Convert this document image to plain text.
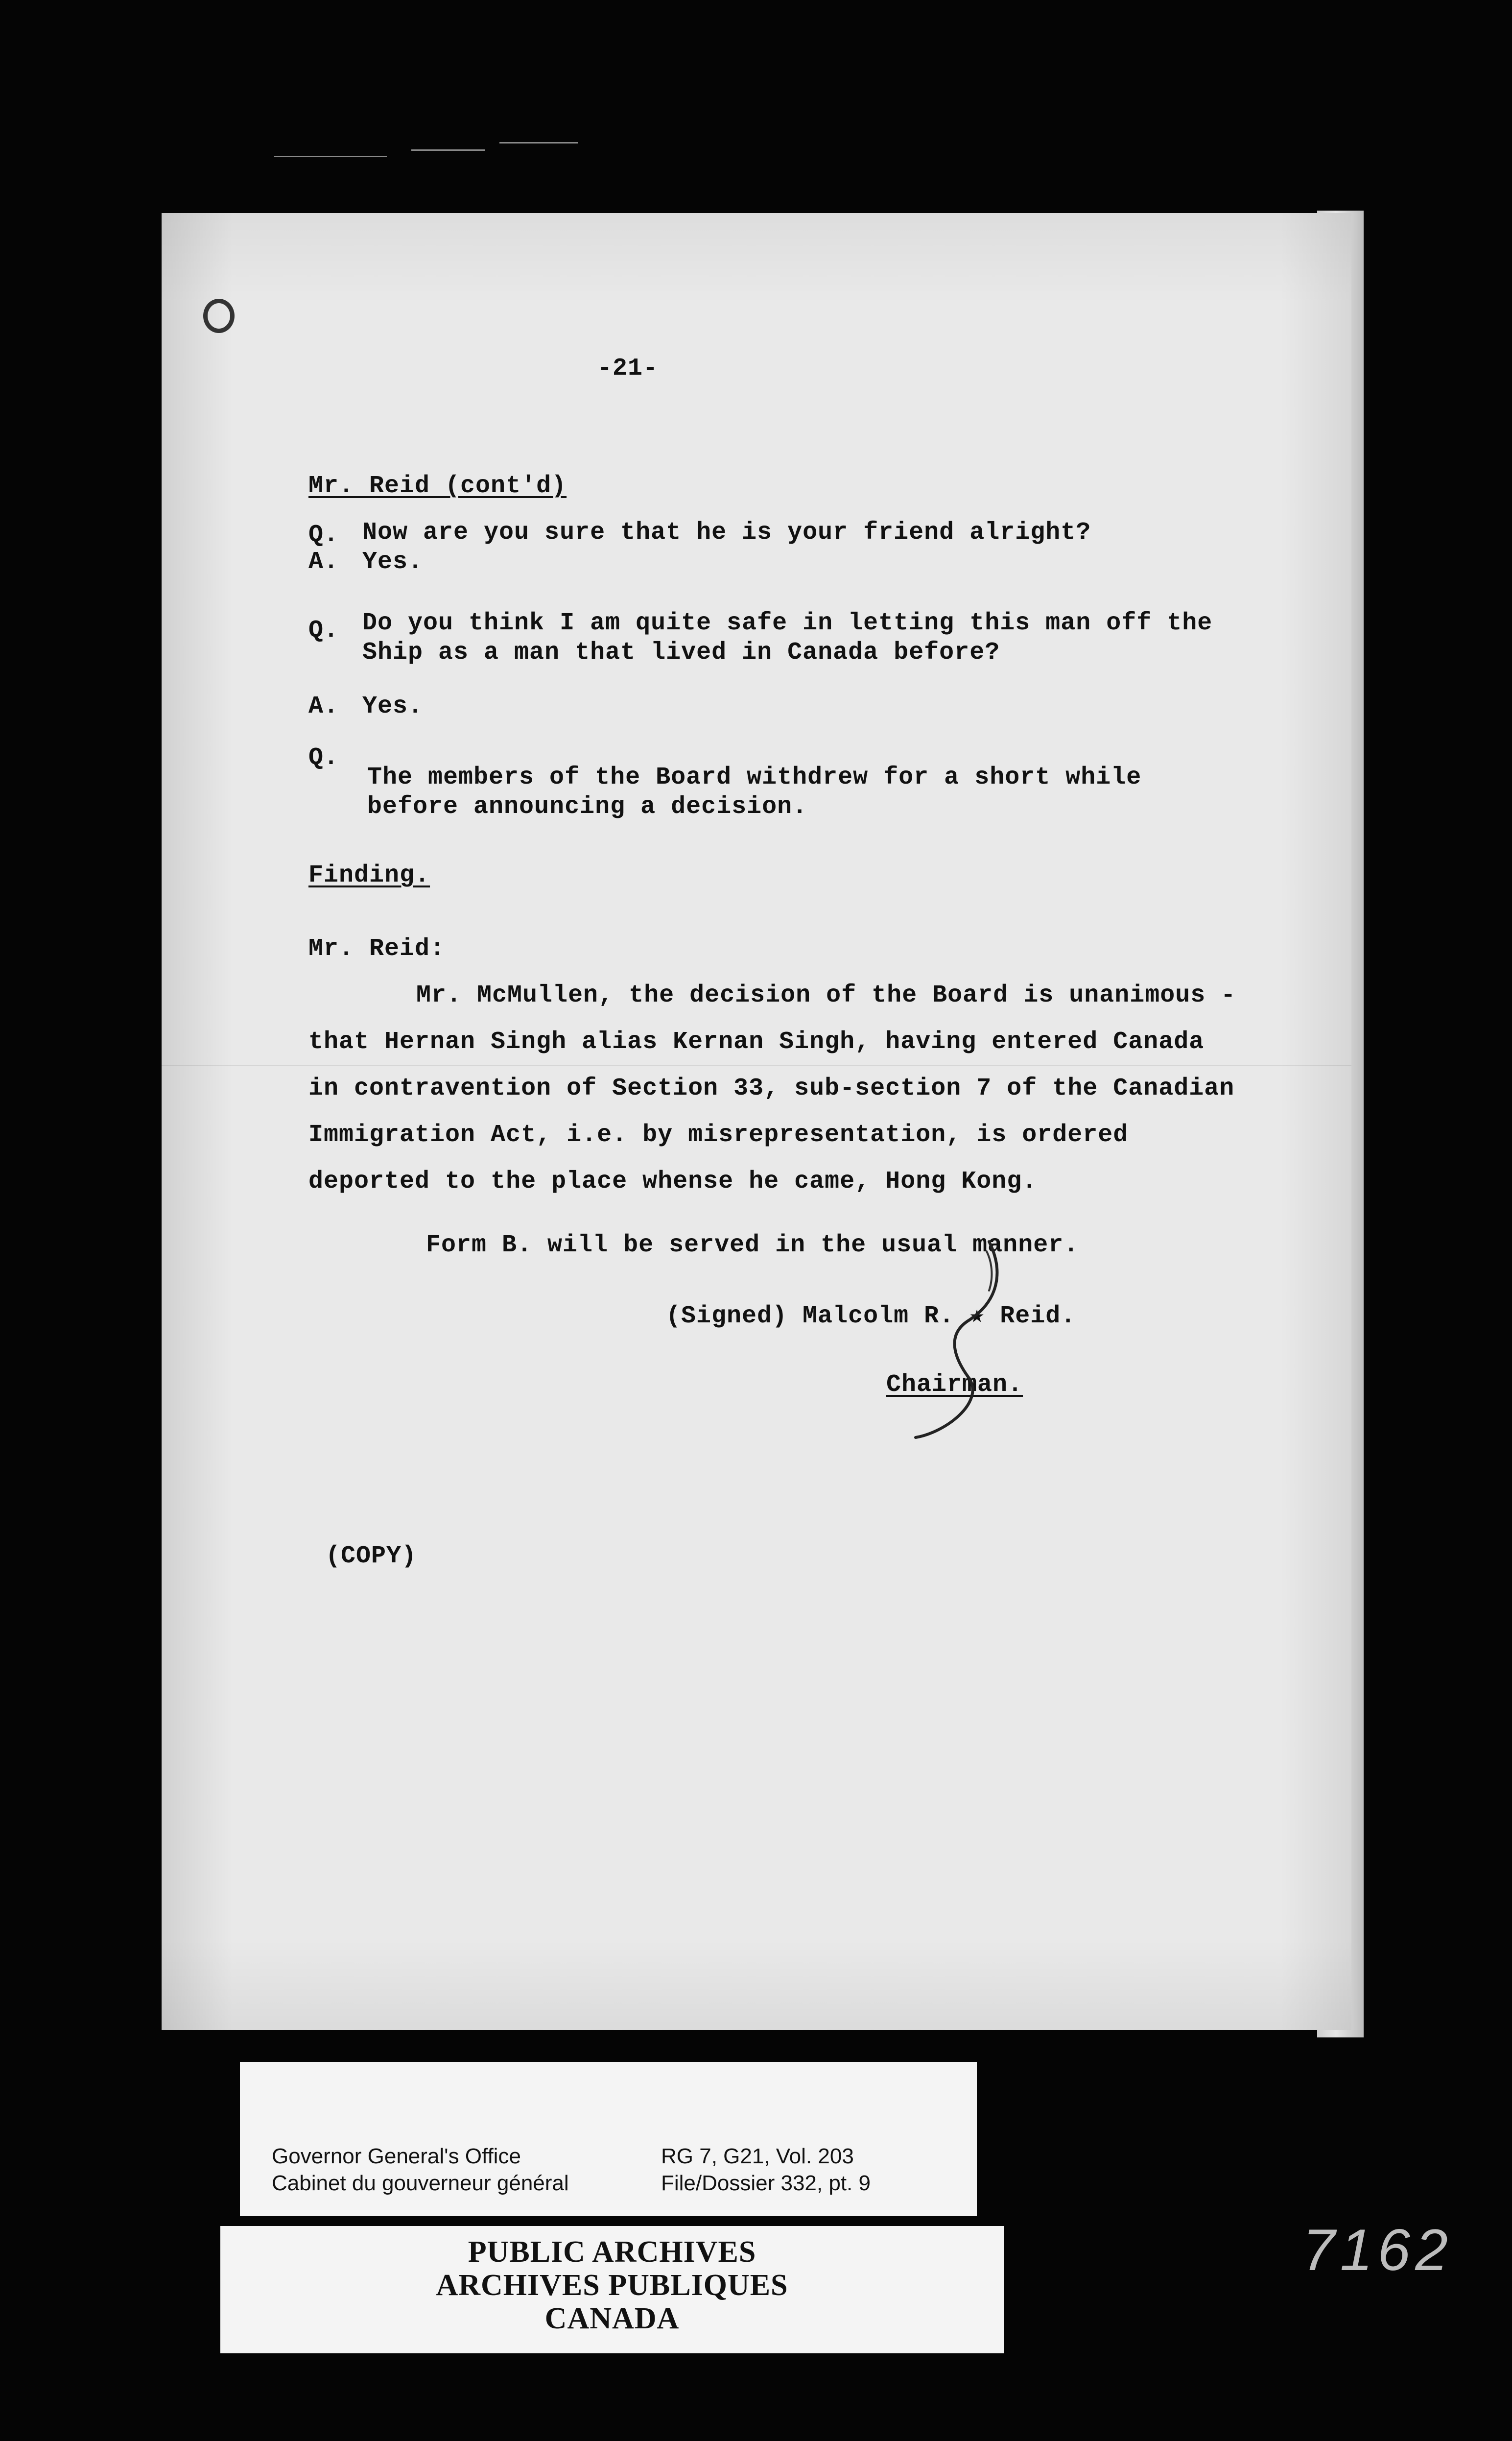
-21-
Mr. Reid (cont'd)
Q. Now are you sure that he is your friend alright?
A. Yes.
Q. Do you think I am quite safe in letting this man off the
Ship as a man that lived in Canada before?
A. Yes.
Q.
The members of the Board withdrew for a short while
before announcing a decision.
Finding.
Mr. Reid:
Mr. McMullen, the decision of the Board is unanimous -
that Hernan Singh alias Kernan Singh, having entered Canada
in contravention of Section 33, sub-section 7 of the Canadian
Immigration Act, i.e. by misrepresentation, is ordered
deported to the place whense he came, Hong Kong.
Form B. will be served in the usual manner.
(Signed) Malcolm R. ★ Reid.
Chairman.
(COPY)
Governor General's Office
Cabinet du gouverneur général
RG 7, G21, Vol. 203
File/Dossier 332, pt. 9
PUBLIC ARCHIVES
ARCHIVES PUBLIQUES
CANADA
7162
